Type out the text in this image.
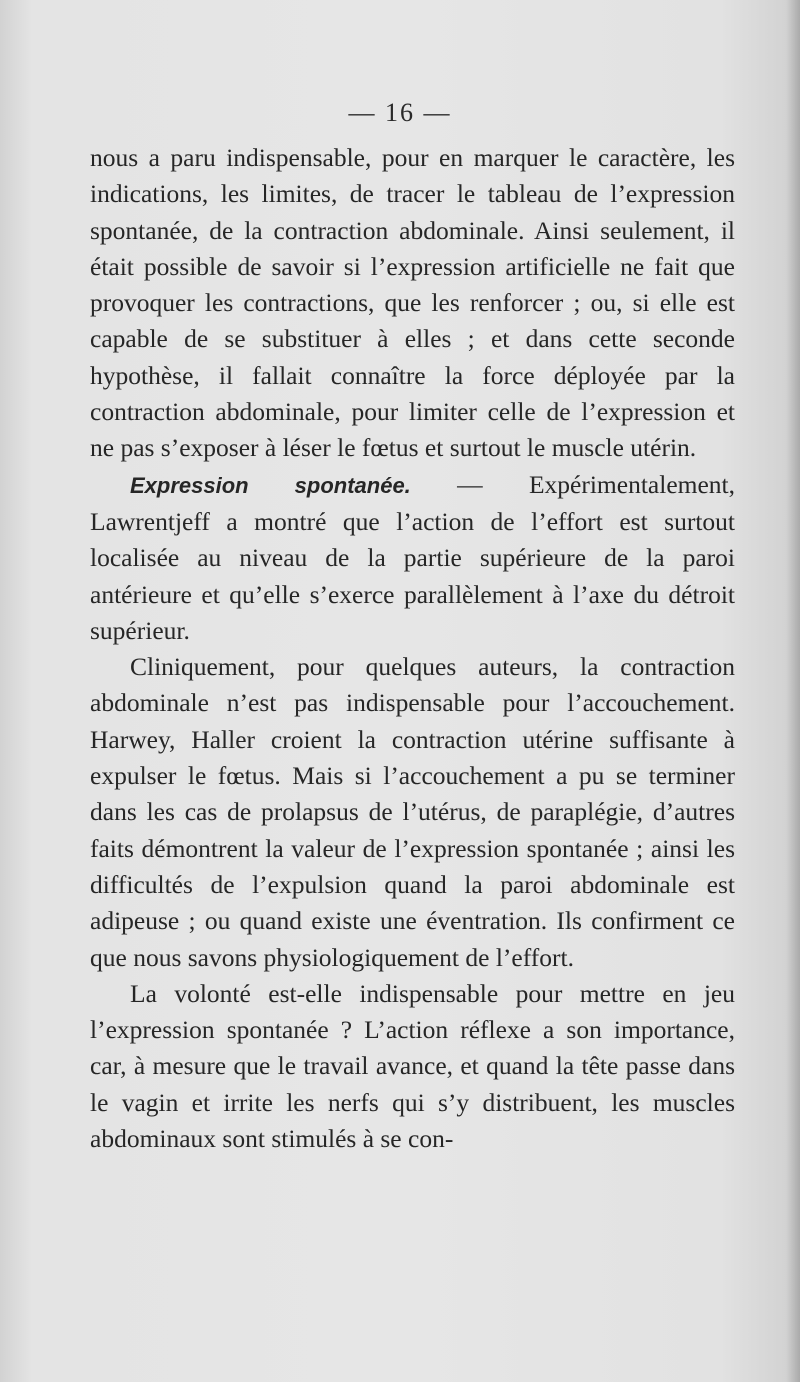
— 16 —

nous a paru indispensable, pour en marquer le caractère, les indications, les limites, de tracer le tableau de l’expression spontanée, de la contraction abdominale. Ainsi seulement, il était possible de savoir si l’expression artificielle ne fait que provoquer les contractions, que les renforcer ; ou, si elle est capable de se substituer à elles ; et dans cette seconde hypothèse, il fallait connaître la force déployée par la contraction abdominale, pour limiter celle de l’expression et ne pas s’exposer à léser le fœtus et surtout le muscle utérin.

Expression spontanée. — Expérimentalement, Lawrentjeff a montré que l’action de l’effort est surtout localisée au niveau de la partie supérieure de la paroi antérieure et qu’elle s’exerce parallèlement à l’axe du détroit supérieur.

Cliniquement, pour quelques auteurs, la contraction abdominale n’est pas indispensable pour l’accouchement. Harwey, Haller croient la contraction utérine suffisante à expulser le fœtus. Mais si l’accouchement a pu se terminer dans les cas de prolapsus de l’utérus, de paraplégie, d’autres faits démontrent la valeur de l’expression spontanée ; ainsi les difficultés de l’expulsion quand la paroi abdominale est adipeuse ; ou quand existe une éventration. Ils confirment ce que nous savons physiologiquement de l’effort.

La volonté est-elle indispensable pour mettre en jeu l’expression spontanée ? L’action réflexe a son importance, car, à mesure que le travail avance, et quand la tête passe dans le vagin et irrite les nerfs qui s’y distribuent, les muscles abdominaux sont stimulés à se con-
